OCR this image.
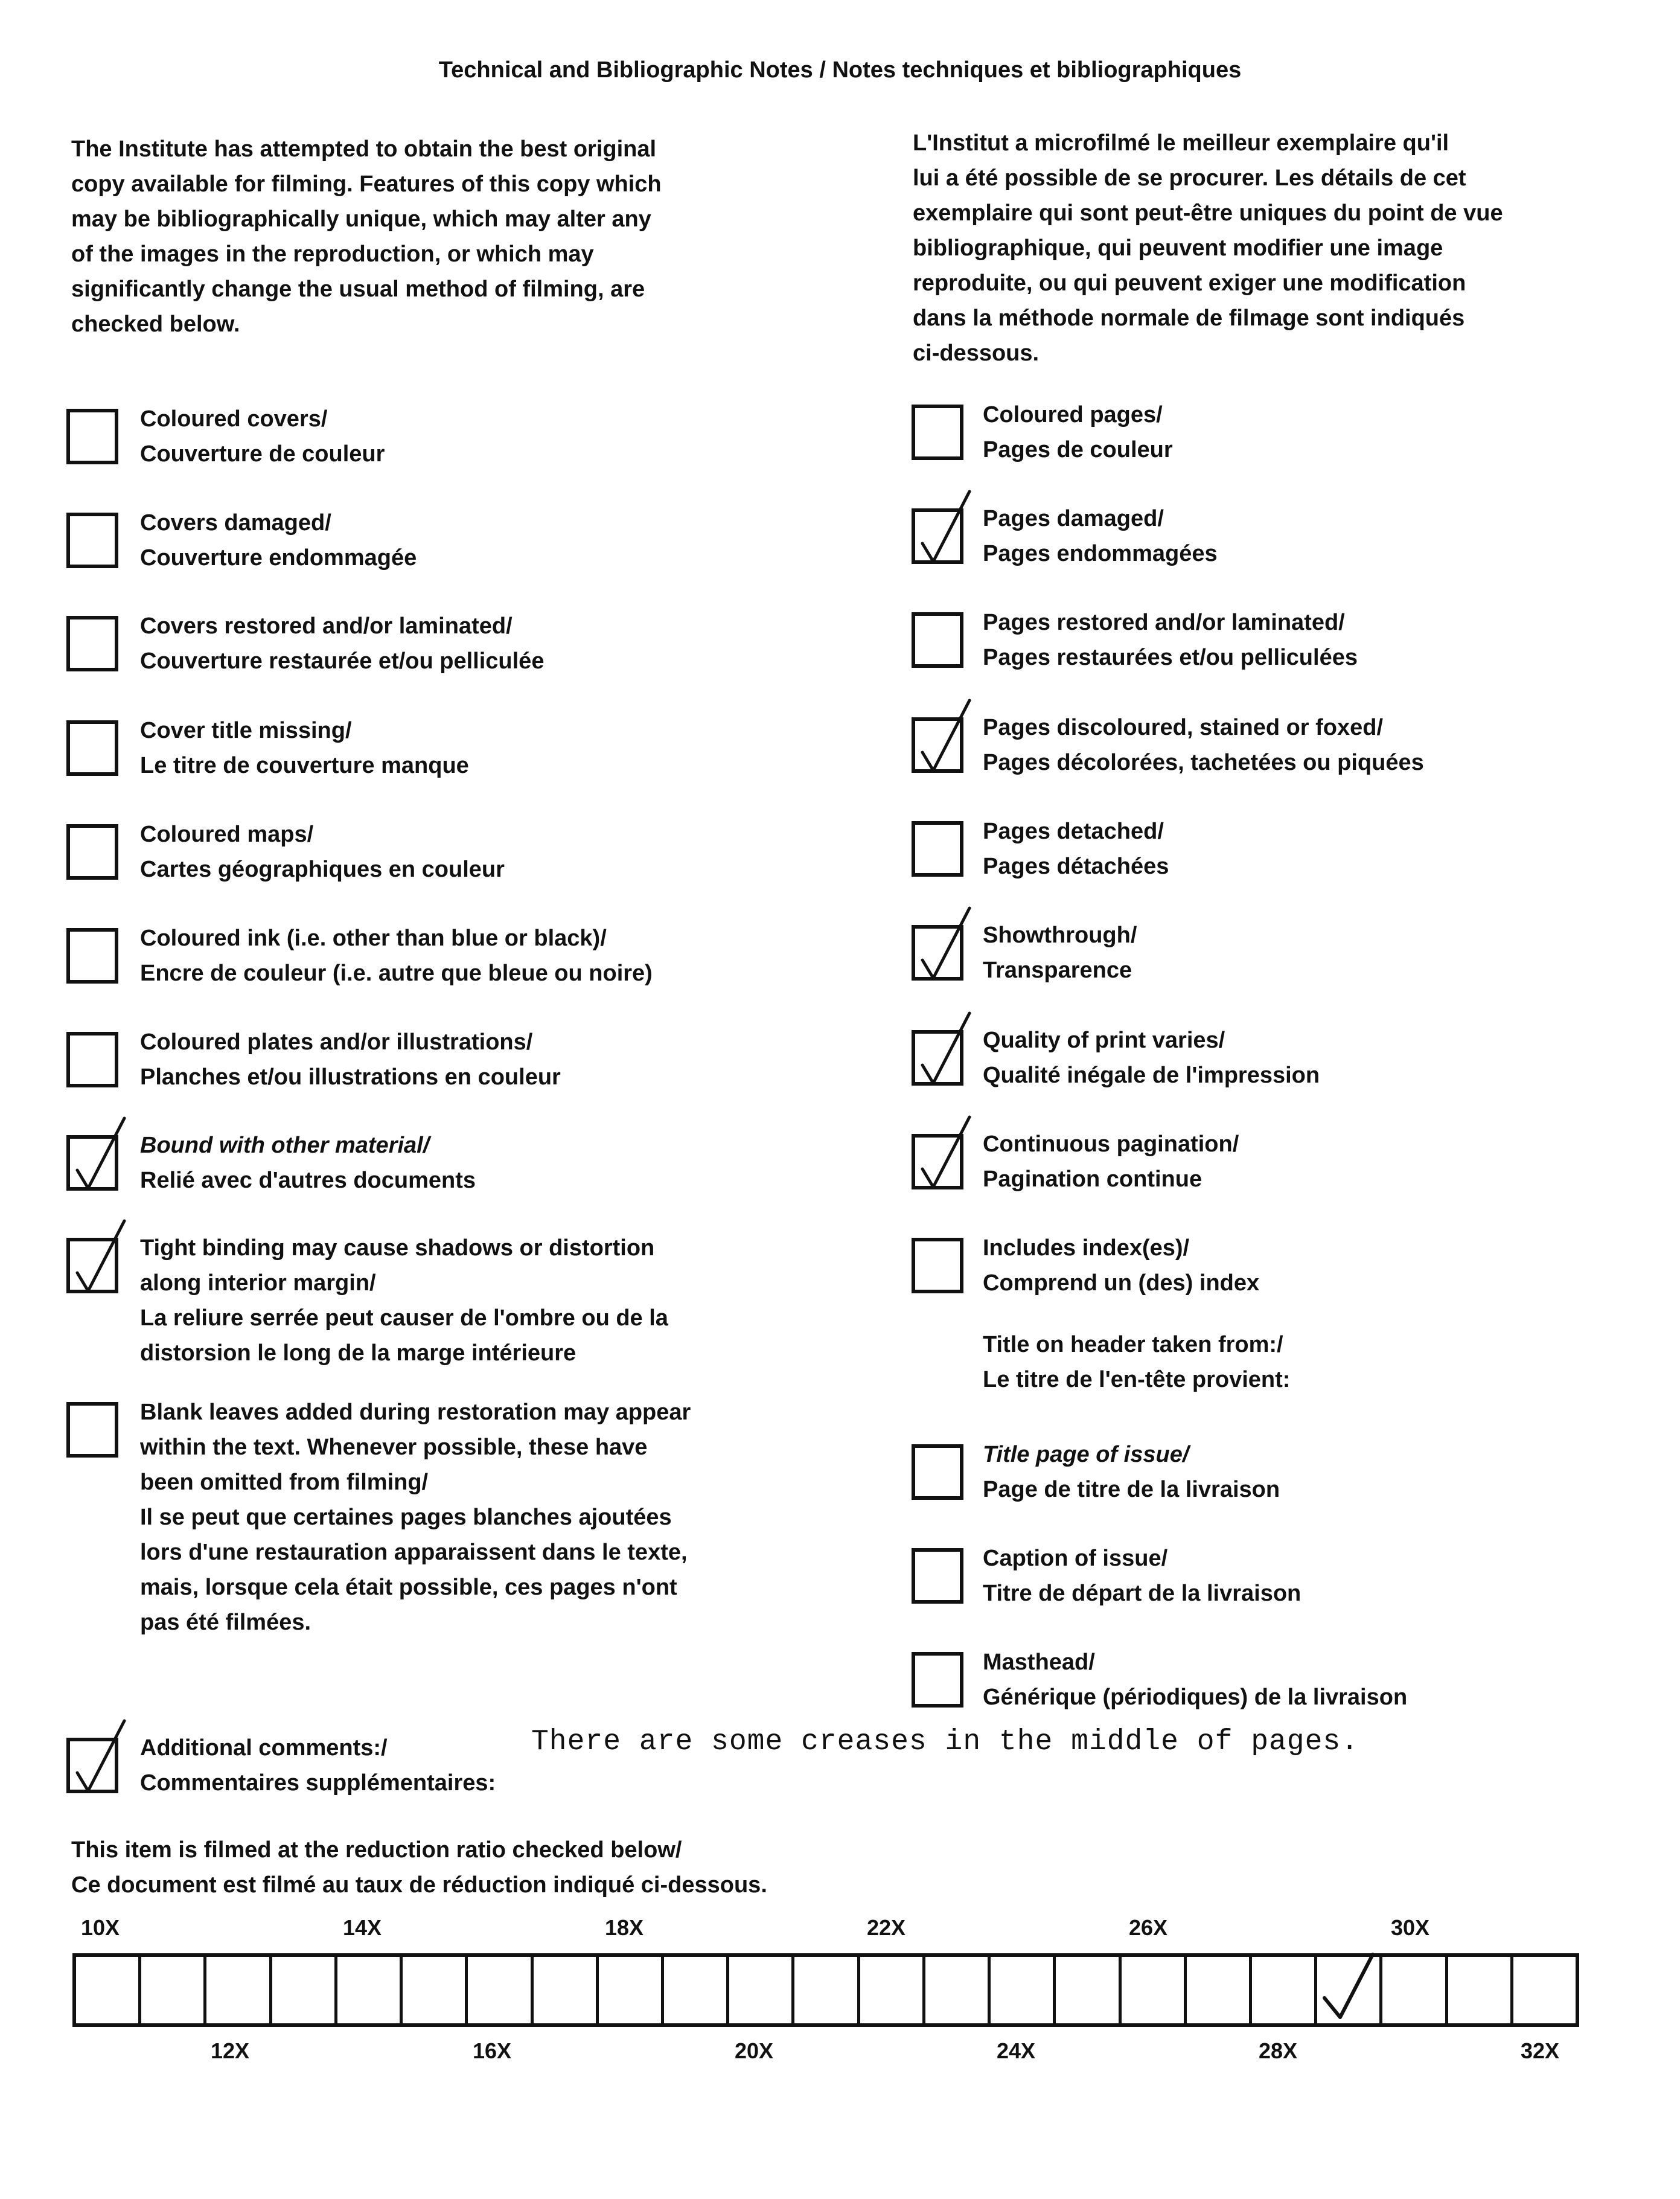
Technical and Bibliographic Notes / Notes techniques et bibliographiques
The Institute has attempted to obtain the best original
copy available for filming. Features of this copy which
may be bibliographically unique, which may alter any
of the images in the reproduction, or which may
significantly change the usual method of filming, are
checked below.
L'Institut a microfilmé le meilleur exemplaire qu'il
lui a été possible de se procurer. Les détails de cet
exemplaire qui sont peut-être uniques du point de vue
bibliographique, qui peuvent modifier une image
reproduite, ou qui peuvent exiger une modification
dans la méthode normale de filmage sont indiqués
ci-dessous.
Coloured covers/
Couverture de couleur
Covers damaged/
Couverture endommagée
Covers restored and/or laminated/
Couverture restaurée et/ou pelliculée
Cover title missing/
Le titre de couverture manque
Coloured maps/
Cartes géographiques en couleur
Coloured ink (i.e. other than blue or black)/
Encre de couleur (i.e. autre que bleue ou noire)
Coloured plates and/or illustrations/
Planches et/ou illustrations en couleur
Bound with other material/
Relié avec d'autres documents
Tight binding may cause shadows or distortion
along interior margin/
La reliure serrée peut causer de l'ombre ou de la
distorsion le long de la marge intérieure
Blank leaves added during restoration may appear
within the text. Whenever possible, these have
been omitted from filming/
Il se peut que certaines pages blanches ajoutées
lors d'une restauration apparaissent dans le texte,
mais, lorsque cela était possible, ces pages n'ont
pas été filmées.
Coloured pages/
Pages de couleur
Pages damaged/
Pages endommagées
Pages restored and/or laminated/
Pages restaurées et/ou pelliculées
Pages discoloured, stained or foxed/
Pages décolorées, tachetées ou piquées
Pages detached/
Pages détachées
Showthrough/
Transparence
Quality of print varies/
Qualité inégale de l'impression
Continuous pagination/
Pagination continue
Includes index(es)/
Comprend un (des) index
Title page of issue/
Page de titre de la livraison
Caption of issue/
Titre de départ de la livraison
Masthead/
Générique (périodiques) de la livraison
Title on header taken from:/
Le titre de l'en-tête provient:
Additional comments:/
Commentaires supplémentaires:
There are some creases in the middle of pages.
This item is filmed at the reduction ratio checked below/
Ce document est filmé au taux de réduction indiqué ci-dessous.
10X	14X	18X	22X	26X	30X
12X	16X	20X	24X	28X	32X
